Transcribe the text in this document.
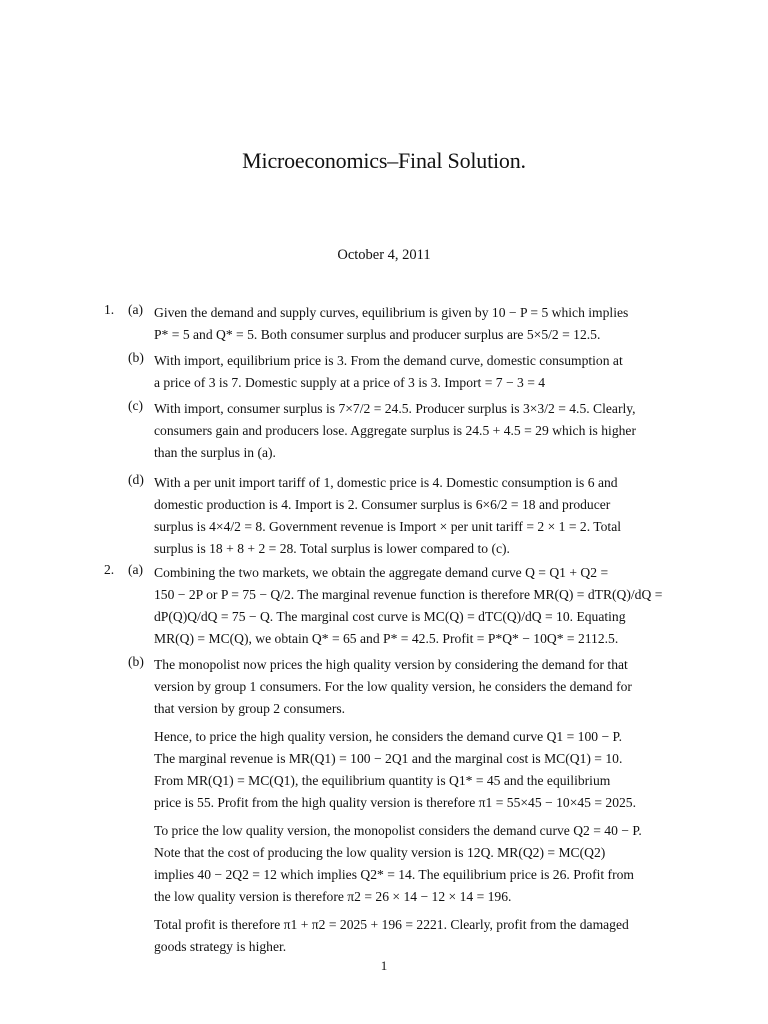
Microeconomics–Final Solution.
October 4, 2011
1. (a) Given the demand and supply curves, equilibrium is given by 10 − P = 5 which implies
P* = 5 and Q* = 5. Both consumer surplus and producer surplus are 5×5/2 = 12.5.
(b) With import, equilibrium price is 3. From the demand curve, domestic consumption at
a price of 3 is 7. Domestic supply at a price of 3 is 3. Import = 7 − 3 = 4
(c) With import, consumer surplus is 7×7/2 = 24.5. Producer surplus is 3×3/2 = 4.5. Clearly,
consumers gain and producers lose. Aggregate surplus is 24.5 + 4.5 = 29 which is higher
than the surplus in (a).
(d) With a per unit import tariff of 1, domestic price is 4. Domestic consumption is 6 and
domestic production is 4. Import is 2. Consumer surplus is 6×6/2 = 18 and producer
surplus is 4×4/2 = 8. Government revenue is Import × per unit tariff = 2 × 1 = 2. Total
surplus is 18 + 8 + 2 = 28. Total surplus is lower compared to (c).
2. (a) Combining the two markets, we obtain the aggregate demand curve Q = Q1 + Q2 =
150 − 2P or P = 75 − Q/2. The marginal revenue function is therefore MR(Q) = dTR(Q)/dQ =
dP(Q)Q/dQ = 75 − Q. The marginal cost curve is MC(Q) = dTC(Q)/dQ = 10. Equating
MR(Q) = MC(Q), we obtain Q* = 65 and P* = 42.5. Profit = P*Q* − 10Q* = 2112.5.
(b) The monopolist now prices the high quality version by considering the demand for that
version by group 1 consumers. For the low quality version, he considers the demand for
that version by group 2 consumers.
Hence, to price the high quality version, he considers the demand curve Q1 = 100 − P.
The marginal revenue is MR(Q1) = 100 − 2Q1 and the marginal cost is MC(Q1) = 10.
From MR(Q1) = MC(Q1), the equilibrium quantity is Q1* = 45 and the equilibrium
price is 55. Profit from the high quality version is therefore π1 = 55×45 − 10×45 = 2025.
To price the low quality version, the monopolist considers the demand curve Q2 = 40 − P.
Note that the cost of producing the low quality version is 12Q. MR(Q2) = MC(Q2)
implies 40 − 2Q2 = 12 which implies Q2* = 14. The equilibrium price is 26. Profit from
the low quality version is therefore π2 = 26 × 14 − 12 × 14 = 196.
Total profit is therefore π1 + π2 = 2025 + 196 = 2221. Clearly, profit from the damaged
goods strategy is higher.
1
